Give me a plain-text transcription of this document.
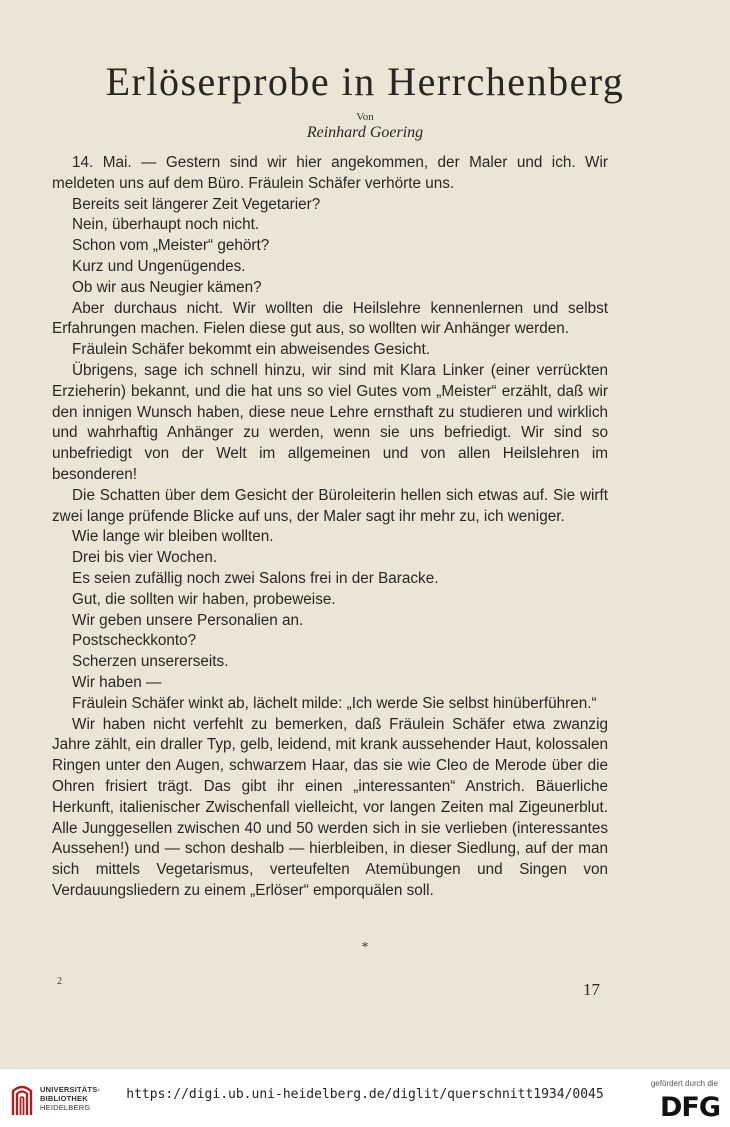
Erlöserprobe in Herrchenberg
Von
Reinhard Goering

14. Mai. — Gestern sind wir hier angekommen, der Maler und ich. Wir meldeten uns auf dem Büro. Fräulein Schäfer verhörte uns.

Bereits seit längerer Zeit Vegetarier?

Nein, überhaupt noch nicht.

Schon vom „Meister“ gehört?

Kurz und Ungenügendes.

Ob wir aus Neugier kämen?

Aber durchaus nicht. Wir wollten die Heilslehre kennenlernen und selbst Erfahrungen machen. Fielen diese gut aus, so wollten wir Anhänger werden.

Fräulein Schäfer bekommt ein abweisendes Gesicht.

Übrigens, sage ich schnell hinzu, wir sind mit Klara Linker (einer verrückten Erzieherin) bekannt, und die hat uns so viel Gutes vom „Meister“ erzählt, daß wir den innigen Wunsch haben, diese neue Lehre ernsthaft zu studieren und wirklich und wahrhaftig Anhänger zu werden, wenn sie uns befriedigt. Wir sind so unbefriedigt von der Welt im allgemeinen und von allen Heilslehren im besonderen!

Die Schatten über dem Gesicht der Büroleiterin hellen sich etwas auf. Sie wirft zwei lange prüfende Blicke auf uns, der Maler sagt ihr mehr zu, ich weniger.

Wie lange wir bleiben wollten.

Drei bis vier Wochen.

Es seien zufällig noch zwei Salons frei in der Baracke.

Gut, die sollten wir haben, probeweise.

Wir geben unsere Personalien an.

Postscheckkonto?

Scherzen unsererseits.

Wir haben —

Fräulein Schäfer winkt ab, lächelt milde: „Ich werde Sie selbst hinüberführen.“

Wir haben nicht verfehlt zu bemerken, daß Fräulein Schäfer etwa zwanzig Jahre zählt, ein draller Typ, gelb, leidend, mit krank aussehender Haut, kolossalen Ringen unter den Augen, schwarzem Haar, das sie wie Cleo de Merode über die Ohren frisiert trägt. Das gibt ihr einen „interessanten“ Anstrich. Bäuerliche Herkunft, italienischer Zwischenfall vielleicht, vor langen Zeiten mal Zigeunerblut. Alle Junggesellen zwischen 40 und 50 werden sich in sie verlieben (interessantes Aussehen!) und — schon deshalb — hierbleiben, in dieser Siedlung, auf der man sich mittels Vegetarismus, verteufelten Atemübungen und Singen von Verdauungsliedern zu einem „Erlöser“ emporquälen soll.

*
2	17
UNIVERSITÄTS-
BIBLIOTHEK
HEIDELBERG
https://digi.ub.uni-heidelberg.de/diglit/querschnitt1934/0045
gefördert durch die
DFG
